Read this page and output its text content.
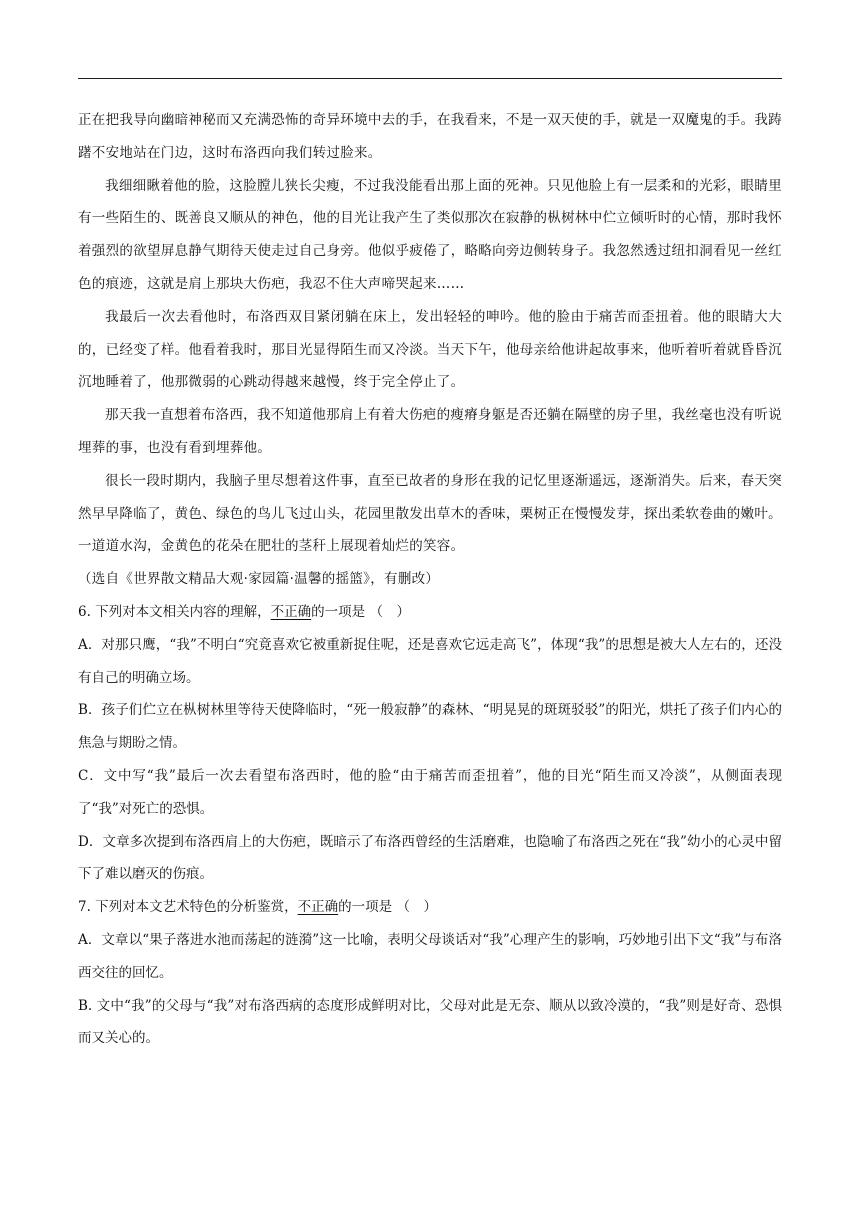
正在把我导向幽暗神秘而又充满恐怖的奇异环境中去的手，在我看来，不是一双天使的手，就是一双魔鬼的手。我踌躇不安地站在门边，这时布洛西向我们转过脸来。

我细细瞅着他的脸，这脸膛儿狭长尖瘦，不过我没能看出那上面的死神。只见他脸上有一层柔和的光彩，眼睛里有一些陌生的、既善良又顺从的神色，他的目光让我产生了类似那次在寂静的枞树林中伫立倾听时的心情，那时我怀着强烈的欲望屏息静气期待天使走过自己身旁。他似乎疲倦了，略略向旁边侧转身子。我忽然透过纽扣洞看见一丝红色的痕迹，这就是肩上那块大伤疤，我忍不住大声啼哭起来……

我最后一次去看他时，布洛西双目紧闭躺在床上，发出轻轻的呻吟。他的脸由于痛苦而歪扭着。他的眼睛大大的，已经变了样。他看着我时，那目光显得陌生而又冷淡。当天下午，他母亲给他讲起故事来，他听着听着就昏昏沉沉地睡着了，他那微弱的心跳动得越来越慢，终于完全停止了。

那天我一直想着布洛西，我不知道他那肩上有着大伤疤的瘦瘠身躯是否还躺在隔壁的房子里，我丝毫也没有听说埋葬的事，也没有看到埋葬他。

很长一段时期内，我脑子里尽想着这件事，直至已故者的身形在我的记忆里逐渐遥远，逐渐消失。后来，春天突然早早降临了，黄色、绿色的鸟儿飞过山头，花园里散发出草木的香味，栗树正在慢慢发芽，探出柔软卷曲的嫩叶。一道道水沟，金黄色的花朵在肥壮的茎秆上展现着灿烂的笑容。

（选自《世界散文精品大观·家园篇·温馨的摇篮》，有删改）

6. 下列对本文相关内容的理解，不正确的一项是 （　）

A．对那只鹰，“我”不明白“究竟喜欢它被重新捉住呢，还是喜欢它远走高飞”，体现“我”的思想是被大人左右的，还没有自己的明确立场。

B．孩子们伫立在枞树林里等待天使降临时，“死一般寂静”的森林、“明晃晃的斑斑驳驳”的阳光，烘托了孩子们内心的焦急与期盼之情。

C．文中写“我”最后一次去看望布洛西时，他的脸“由于痛苦而歪扭着”，他的目光“陌生而又冷淡”，从侧面表现了“我”对死亡的恐惧。

D．文章多次提到布洛西肩上的大伤疤，既暗示了布洛西曾经的生活磨难，也隐喻了布洛西之死在“我”幼小的心灵中留下了难以磨灭的伤痕。

7. 下列对本文艺术特色的分析鉴赏，不正确的一项是 （　）

A．文章以“果子落进水池而荡起的涟漪”这一比喻，表明父母谈话对“我”心理产生的影响，巧妙地引出下文“我”与布洛西交往的回忆。

B. 文中“我”的父母与“我”对布洛西病的态度形成鲜明对比，父母对此是无奈、顺从以致冷漠的，“我”则是好奇、恐惧而又关心的。
